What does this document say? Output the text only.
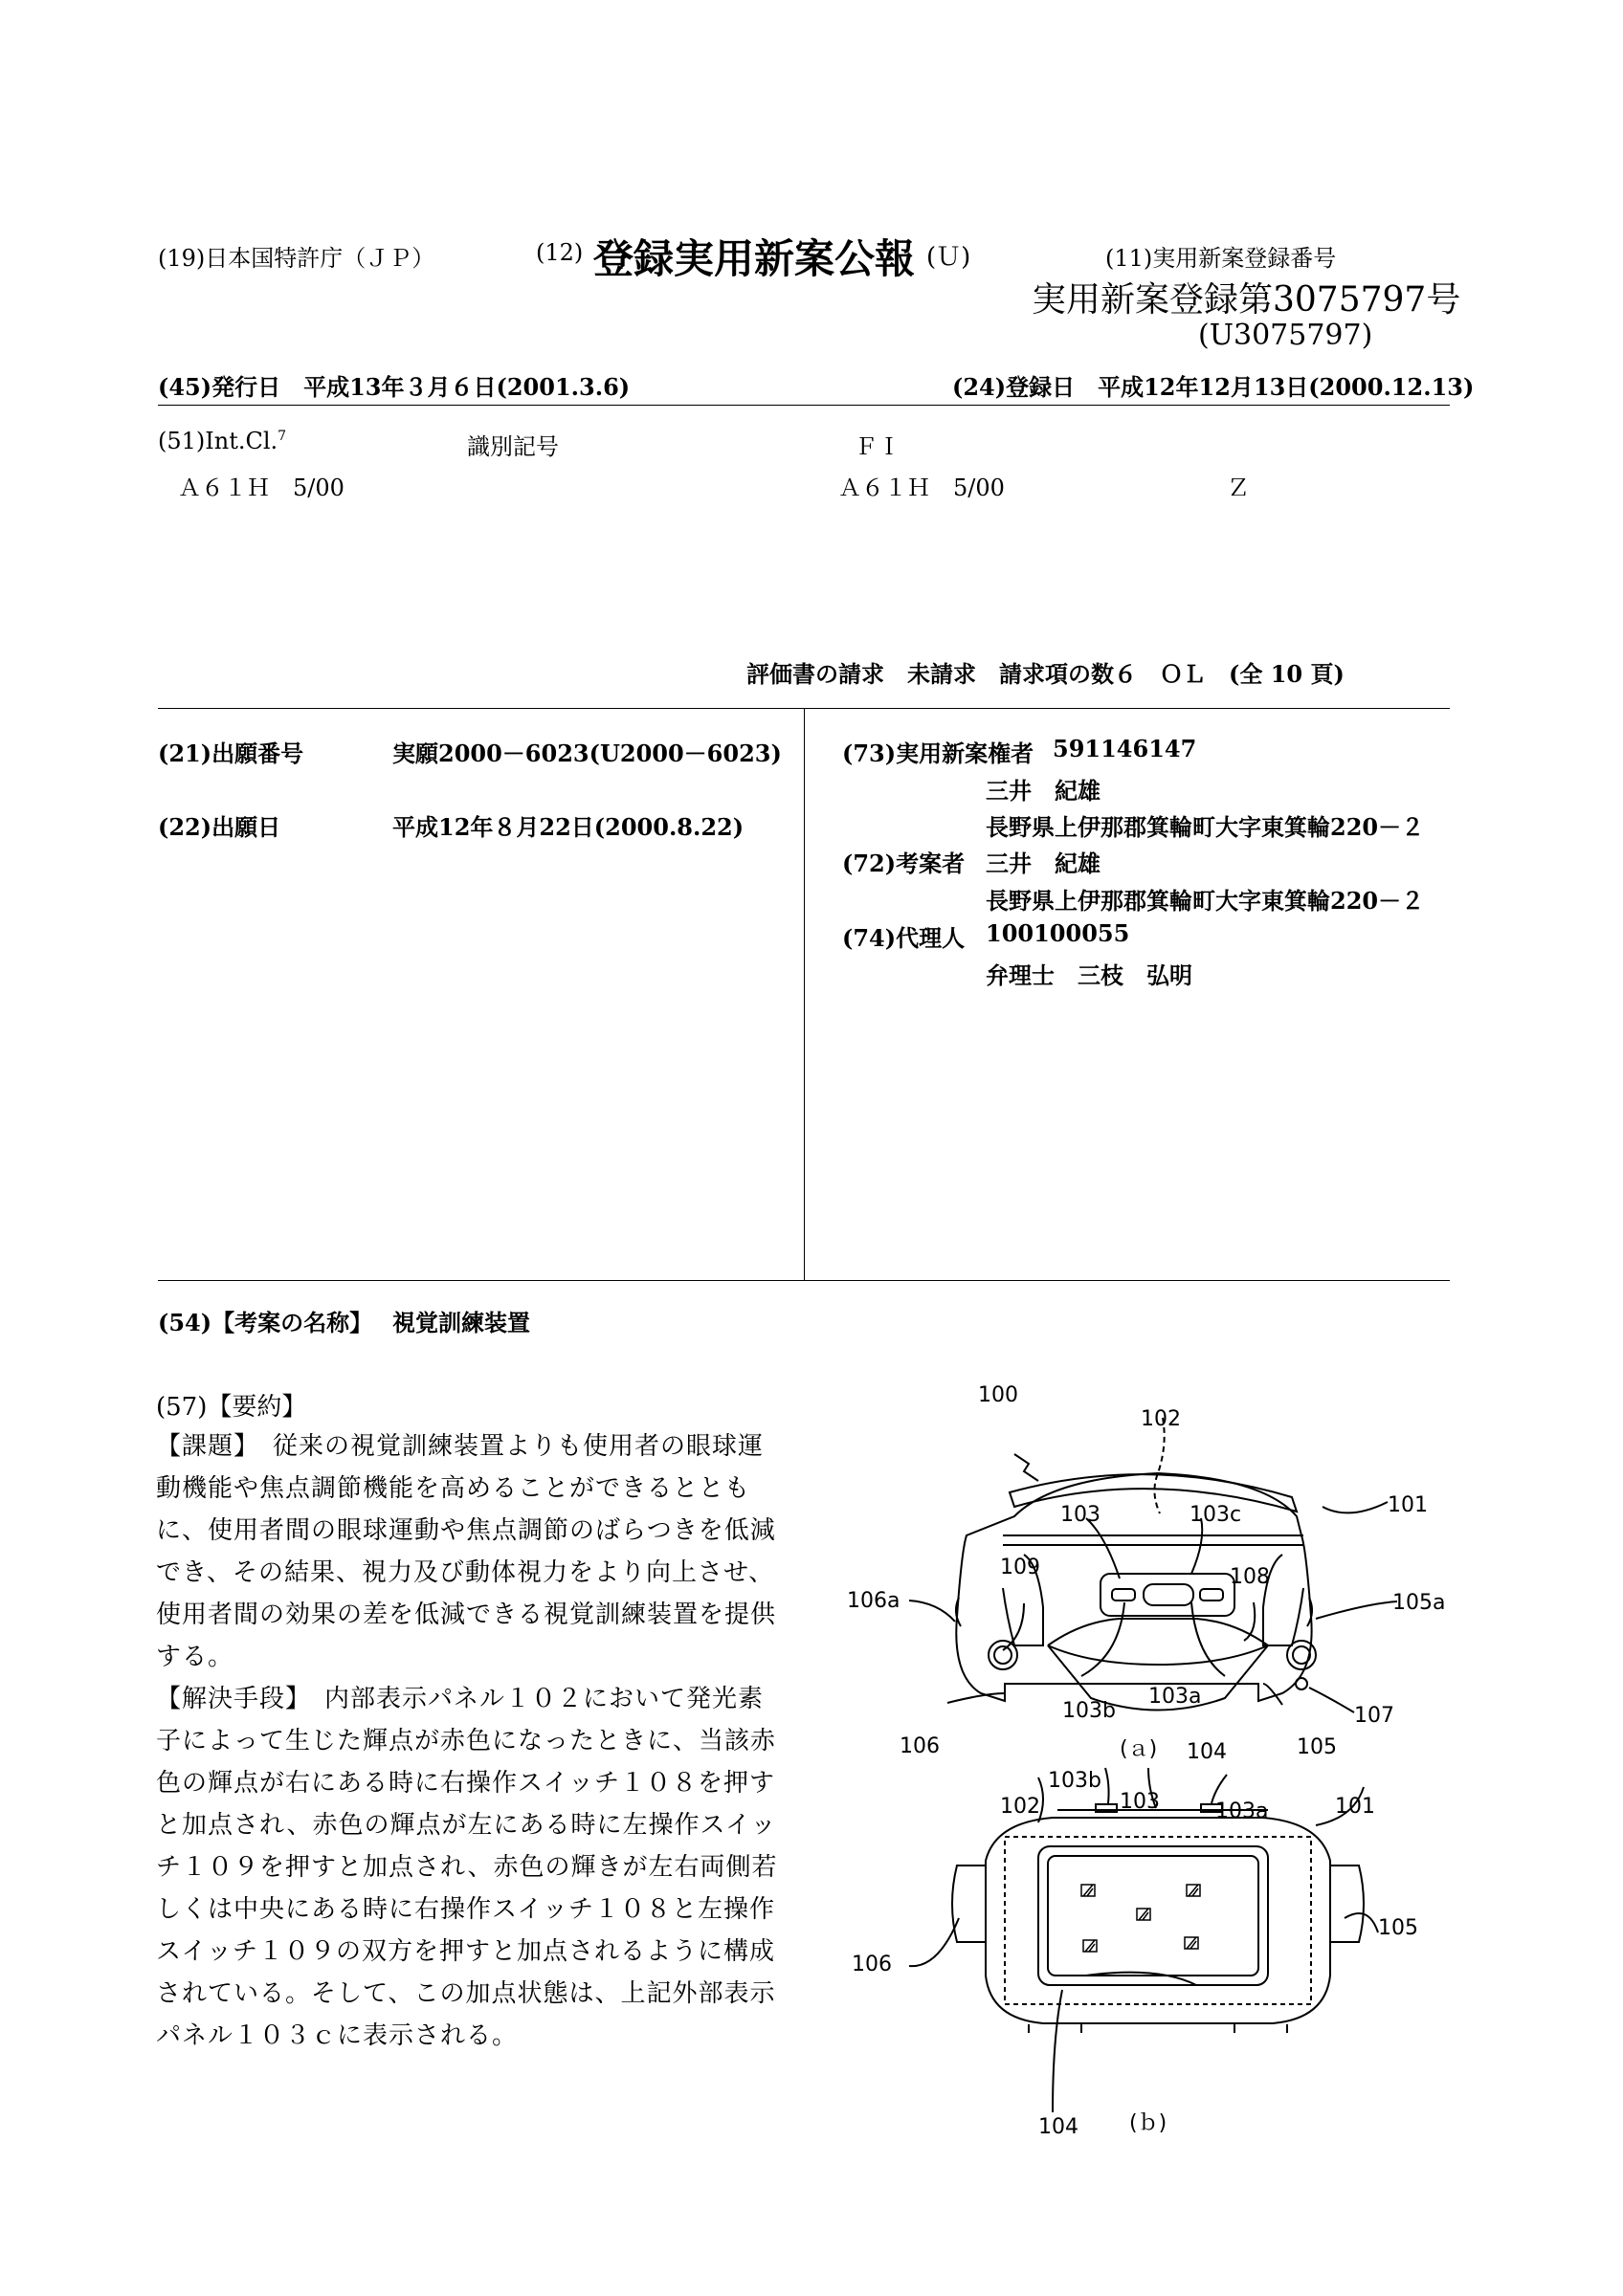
(19)日本国特許庁（ＪＰ）	(12) 登録実用新案公報 (Ｕ)	(11)実用新案登録番号
実用新案登録第3075797号
(U3075797)
(45)発行日　平成13年３月６日(2001.3.6)	(24)登録日　平成12年12月13日(2000.12.13)
(51)Int.Cl.$^7$	識別記号	ＦＩ
Ａ６１Ｈ　5/00	Ａ６１Ｈ　5/00	Ｚ
評価書の請求　未請求　請求項の数６　ＯＬ　(全 10 頁)
(21)出願番号	実願2000－6023(U2000－6023)
(22)出願日	平成12年８月22日(2000.8.22)
(73)実用新案権者 591146147
三井　紀雄
長野県上伊那郡箕輪町大字東箕輪220－２
(72)考案者 三井　紀雄
長野県上伊那郡箕輪町大字東箕輪220－２
(74)代理人 100100055
弁理士　三枝　弘明
(54)【考案の名称】 視覚訓練装置
(57)【要約】

【課題】　従来の視覚訓練装置よりも使用者の眼球運動機能や焦点調節機能を高めることができるとともに、使用者間の眼球運動や焦点調節のばらつきを低減でき、その結果、視力及び動体視力をより向上させ、使用者間の効果の差を低減できる視覚訓練装置を提供する。

【解決手段】　内部表示パネル１０２において発光素子によって生じた輝点が赤色になったときに、当該赤色の輝点が右にある時に右操作スイッチ１０８を押すと加点され、赤色の輝点が左にある時に左操作スイッチ１０９を押すと加点され、赤色の輝きが左右両側若しくは中央にある時に右操作スイッチ１０８と左操作スイッチ１０９の双方を押すと加点されるように構成されている。そして、この加点状態は、上記外部表示パネル１０３ｃに表示される。

100
102
103	103c	101
109	108
106a	105a
103b
103a
107
106	(ａ) 104	105
103b
103	103a
102	101
105
106
104 (ｂ)
